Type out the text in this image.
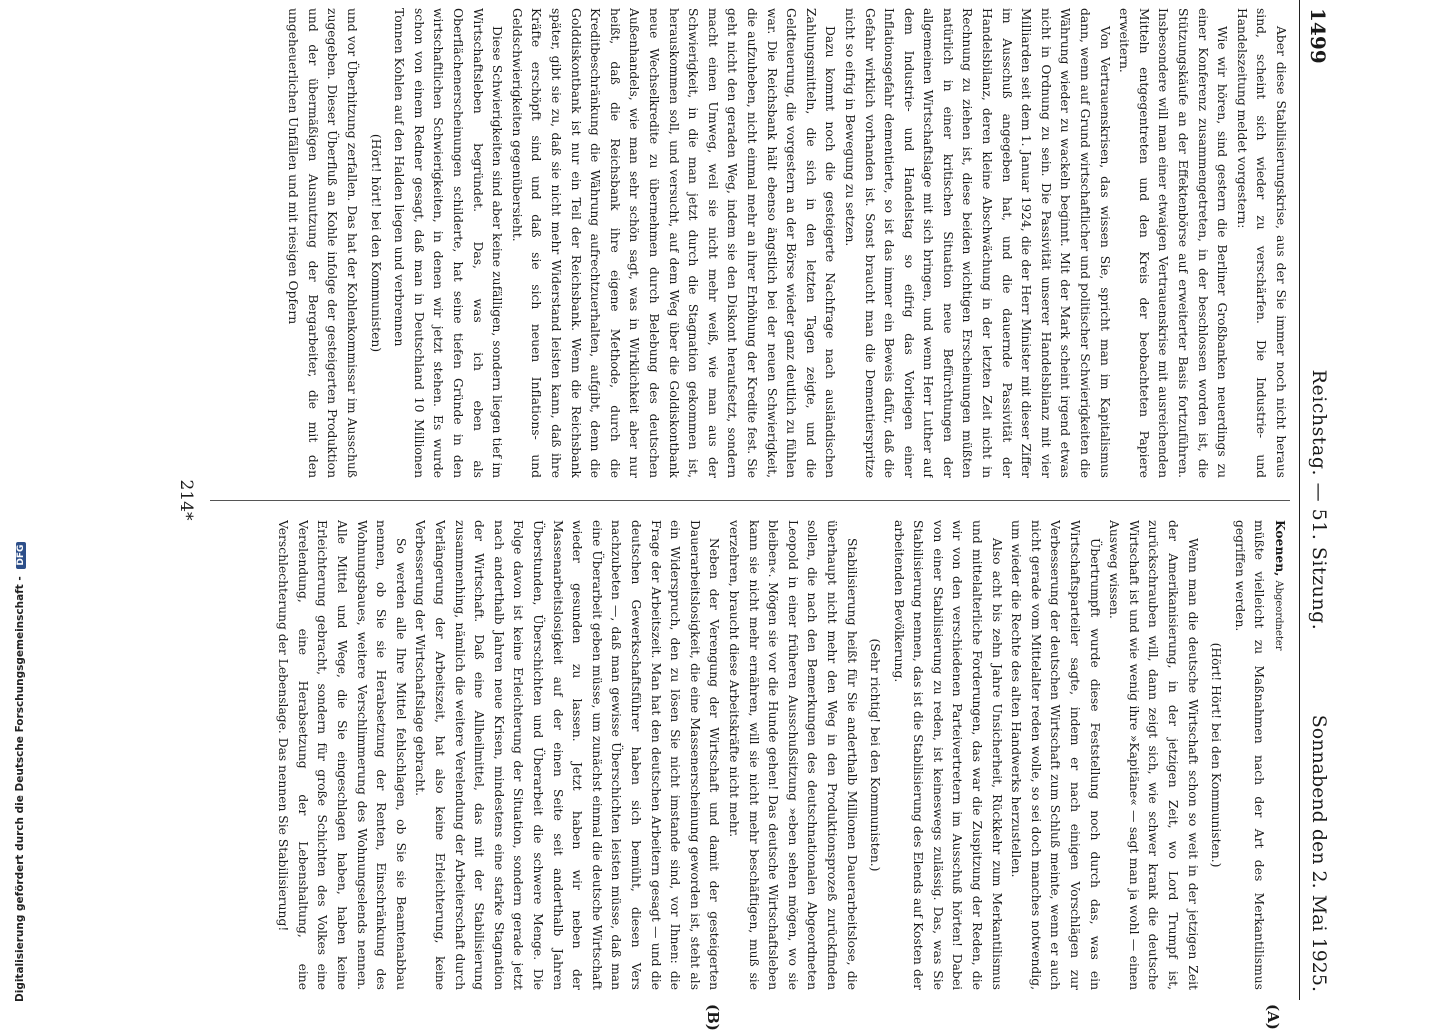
1499
Reichstag. — 51. Sitzung.
Sonnabend den 2. Mai 1925.
(A)
(B)

Aber diese Stabilisierungskrise, aus der Sie immer noch nicht heraus sind, scheint sich wieder zu verschärfen. Die Industrie- und Handelszeitung meldet vorgestern:

Wie wir hören, sind gestern die Berliner Großbanken neuerdings zu einer Konferenz zusammengetreten, in der beschlossen worden ist, die Stützungskäufe an der Effektenbörse auf erweiterter Basis fortzuführen. Insbesondere will man einer etwaigen Vertrauenskrise mit ausreichenden Mitteln entgegentreten und den Kreis der beobachteten Papiere erweitern.

Von Vertrauenskrisen, das wissen Sie, spricht man im Kapitalismus dann, wenn auf Grund wirtschaftlicher und politischer Schwierigkeiten die Währung wieder zu wackeln beginnt. Mit der Mark scheint irgend etwas nicht in Ordnung zu sein. Die Passivität unserer Handelsbilanz mit vier Milliarden seit dem 1. Januar 1924, die der Herr Minister mit dieser Ziffer im Ausschuß angegeben hat, und die dauernde Passivität der Handelsbilanz, deren kleine Abschwächung in der letzten Zeit nicht in Rechnung zu ziehen ist, diese beiden wichtigen Erscheinungen müßten natürlich in einer kritischen Situation neue Befürchtungen der allgemeinen Wirtschaftslage mit sich bringen, und wenn Herr Luther auf dem Industrie- und Handelstag so eifrig das Vorliegen einer Inflationsgefahr dementierte, so ist das immer ein Beweis dafür, daß die Gefahr wirklich vorhanden ist. Sonst braucht man die Dementierspritze nicht so eifrig in Bewegung zu setzen.

Dazu kommt noch die gesteigerte Nachfrage nach ausländischen Zahlungsmitteln, die sich in den letzten Tagen zeigte, und die Geldteuerung, die vorgestern an der Börse wieder ganz deutlich zu fühlen war. Die Reichsbank hält ebenso ängstlich bei der neuen Schwierigkeit, die aufzuheben, nicht einmal mehr an ihrer Erhöhung der Kredite fest. Sie geht nicht den geraden Weg, indem sie den Diskont heraufsetzt, sondern macht einen Umweg, weil sie nicht mehr weiß, wie man aus der Schwierigkeit, in die man jetzt durch die Stagnation gekommen ist, herauskommen soll, und versucht, auf dem Weg über die Goldiskontbank neue Wechselkredite zu übernehmen durch Belebung des deutschen Außenhandels, wie man sehr schön sagt, was in Wirklichkeit aber nur heißt, daß die Reichsbank ihre eigene Methode, durch die Kreditbeschränkung die Währung aufrechtzuerhalten, aufgibt, denn die Golddiskontbank ist nur ein Teil der Reichsbank. Wenn die Reichsbank später, gibt sie zu, daß sie nicht mehr Widerstand leisten kann, daß ihre Kräfte erschöpft sind und daß sie sich neuen Inflations- und Geldschwierigkeiten gegenübersieht.

Diese Schwierigkeiten sind aber keine zufälligen, sondern liegen tief im Wirtschaftsleben begründet. Das, was ich eben als Oberflächenerscheinungen schilderte, hat seine tiefen Gründe in den wirtschaftlichen Schwierigkeiten, in denen wir jetzt stehen. Es wurde schon von einem Redner gesagt, daß man in Deutschland 10 Millionen Tonnen Kohlen auf den Halden liegen und verbrennen

(Hört! hört! bei den Kommunisten)

und vor Überhitzung zerfallen. Das hat der Kohlenkommissar im Ausschuß zugegeben. Dieser Überfluß an Kohle infolge der gesteigerten Produktion und der übermäßigen Ausnutzung der Bergarbeiter, die mit den ungeheuerlichen Unfällen und mit riesigen Opfern

Koenen, Abgeordneter

müßte vielleicht zu Maßnahmen nach der Art des Merkantilismus gegriffen werden.

(Hört! Hört! bei den Kommunisten.)

Wenn man die deutsche Wirtschaft schon so weit in der jetzigen Zeit der Amerikanisierung, in der jetzigen Zeit, wo Lord Trumpf ist, zurückschrauben will, dann zeigt sich, wie schwer krank die deutsche Wirtschaft ist und wie wenig ihre »Kapitäne« — sagt man ja wohl — einen Ausweg wissen.

Übertrumpft wurde diese Feststellung noch durch das, was ein Wirtschaftsparteiler sagte, indem er nach einigen Vorschlägen zur Verbesserung der deutschen Wirtschaft zum Schluß meinte, wenn er auch nicht gerade vom Mittelalter reden wolle, so sei doch manches notwendig, um wieder die Rechte des alten Handwerks herzustellen.

Also acht bis zehn Jahre Unsicherheit, Rückkehr zum Merkantilismus und mittelalterliche Forderungen, das war die Zuspitzung der Reden, die wir von den verschiedenen Parteivertretern im Ausschuß hörten! Dabei von einer Stabilisierung zu reden, ist keineswegs zulässig. Das, was Sie Stabilisierung nennen, das ist die Stabilisierung des Elends auf Kosten der arbeitenden Bevölkerung.

(Sehr richtig! bei den Kommunisten.)

Stabilisierung heißt für Sie anderthalb Millionen Dauerarbeitslose, die überhaupt nicht mehr den Weg in den Produktionsprozeß zurückfinden sollen, die nach den Bemerkungen des deutschnationalen Abgeordneten Leopold in einer früheren Ausschußsitzung »eben sehen mögen, wo sie bleiben«. Mögen sie vor die Hunde gehen! Das deutsche Wirtschaftsleben kann sie nicht mehr ernähren, will sie nicht mehr beschäftigen, muß sie verzehren, braucht diese Arbeitskräfte nicht mehr.

Neben der Verengung der Wirtschaft und damit der gesteigerten Dauerarbeitslosigkeit, die eine Massenerscheinung geworden ist, steht als ein Widerspruch, den zu lösen Sie nicht imstande sind, vor Ihnen: die Frage der Arbeitszeit. Man hat den deutschen Arbeitern gesagt — und die deutschen Gewerkschaftsführer haben sich bemüht, diesen Vers nachzubeten —, daß man gewisse Überschichten leisten müsse, daß man eine Überarbeit geben müsse, um zunächst einmal die deutsche Wirtschaft wieder gesunden zu lassen. Jetzt haben wir neben der Massenarbeitslosigkeit auf der einen Seite seit anderthalb Jahren Überstunden, Überschichten und Überarbeit die schwere Menge. Die Folge davon ist keine Erleichterung der Situation, sondern gerade jetzt nach anderthalb Jahren neue Krisen, mindestens eine starke Stagnation der Wirtschaft. Daß eine Allheilmittel, das mit der Stabilisierung zusammenhing, nämlich die weitere Verelendung der Arbeiterschaft durch Verlängerung der Arbeitszeit, hat also keine Erleichterung, keine Verbesserung der Wirtschaftslage gebracht.

So werden alle Ihre Mittel fehlschlagen, ob Sie sie Beamtenabbau nennen, ob Sie sie Herabsetzung der Renten, Einschränkung des Wohnungsbaues, weitere Verschlimmerung des Wohnungselends nennen. Alle Mittel und Wege, die Sie eingeschlagen haben, haben keine Erleichterung gebracht, sondern für große Schichten des Volkes eine Verelendung, eine Herabsetzung der Lebenshaltung, eine Verschlechterung der Lebenslage. Das nennen Sie Stabilisierung!

214*
Digitalisierung gefördert durch die Deutsche Forschungsgemeinschaft - DFG
